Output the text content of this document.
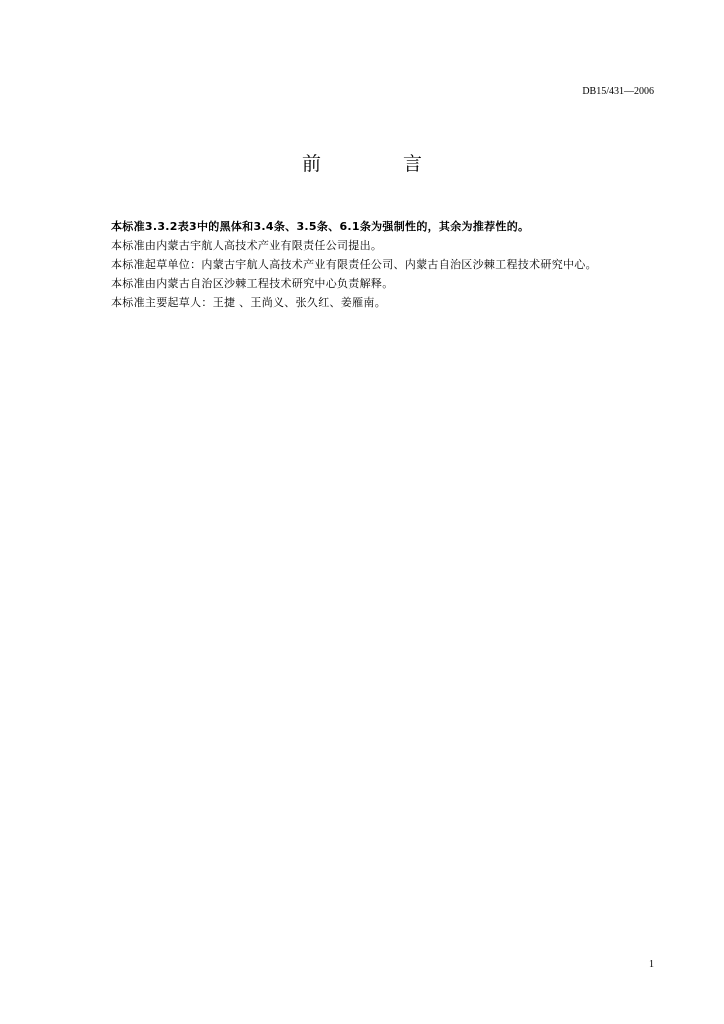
DB15/431—2006
前 言
本标准3.3.2表3中的黑体和3.4条、3.5条、6.1条为强制性的，其余为推荐性的。
本标准由内蒙古宇航人高技术产业有限责任公司提出。
本标准起草单位：内蒙古宇航人高技术产业有限责任公司、内蒙古自治区沙棘工程技术研究中心。
本标准由内蒙古自治区沙棘工程技术研究中心负责解释。
本标准主要起草人：王捷 、王尚义、张久红、姜雁南。
1
